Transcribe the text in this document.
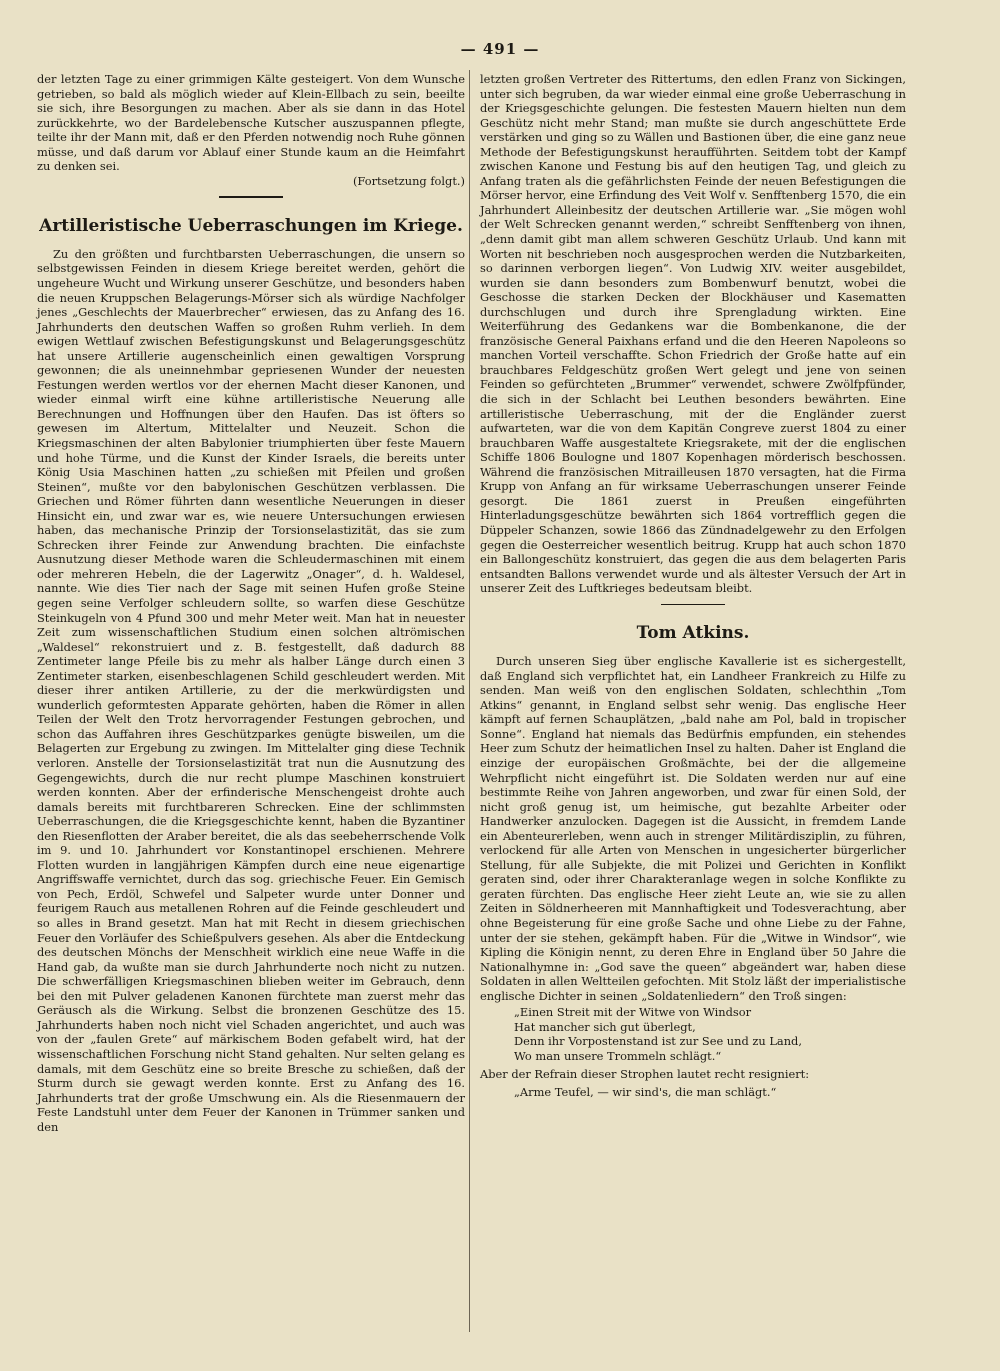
— 491 —

der letzten Tage zu einer grimmigen Kälte gesteigert. Von dem Wunsche getrieben, so bald als möglich wieder auf Klein-Ellbach zu sein, beeilte sie sich, ihre Besorgungen zu machen. Aber als sie dann in das Hotel zurückkehrte, wo der Bardelebensche Kutscher auszuspannen pflegte, teilte ihr der Mann mit, daß er den Pferden notwendig noch Ruhe gönnen müsse, und daß darum vor Ablauf einer Stunde kaum an die Heimfahrt zu denken sei.

(Fortsetzung folgt.)

Artilleristische Ueberraschungen im Kriege.

Zu den größten und furchtbarsten Ueberraschungen, die unsern so selbstgewissen Feinden in diesem Kriege bereitet werden, gehört die ungeheure Wucht und Wirkung unserer Geschütze, und besonders haben die neuen Kruppschen Belagerungs-Mörser sich als würdige Nachfolger jenes „Geschlechts der Mauerbrecher“ erwiesen, das zu Anfang des 16. Jahrhunderts den deutschen Waffen so großen Ruhm verlieh. In dem ewigen Wettlauf zwischen Befestigungskunst und Belagerungsgeschütz hat unsere Artillerie augenscheinlich einen gewaltigen Vorsprung gewonnen; die als uneinnehmbar gepriesenen Wunder der neuesten Festungen werden wertlos vor der ehernen Macht dieser Kanonen, und wieder einmal wirft eine kühne artilleristische Neuerung alle Berechnungen und Hoffnungen über den Haufen. Das ist öfters so gewesen im Altertum, Mittelalter und Neuzeit. Schon die Kriegsmaschinen der alten Babylonier triumphierten über feste Mauern und hohe Türme, und die Kunst der Kinder Israels, die bereits unter König Usia Maschinen hatten „zu schießen mit Pfeilen und großen Steinen“, mußte vor den babylonischen Geschützen verblassen. Die Griechen und Römer führten dann wesentliche Neuerungen in dieser Hinsicht ein, und zwar war es, wie neuere Untersuchungen erwiesen haben, das mechanische Prinzip der Torsionselastizität, das sie zum Schrecken ihrer Feinde zur Anwendung brachten. Die einfachste Ausnutzung dieser Methode waren die Schleudermaschinen mit einem oder mehreren Hebeln, die der Lagerwitz „Onager“, d. h. Waldesel, nannte. Wie dies Tier nach der Sage mit seinen Hufen große Steine gegen seine Verfolger schleudern sollte, so warfen diese Geschütze Steinkugeln von 4 Pfund 300 und mehr Meter weit. Man hat in neuester Zeit zum wissenschaftlichen Studium einen solchen altrömischen „Waldesel“ rekonstruiert und z. B. festgestellt, daß dadurch 88 Zentimeter lange Pfeile bis zu mehr als halber Länge durch einen 3 Zentimeter starken, eisenbeschlagenen Schild geschleudert werden. Mit dieser ihrer antiken Artillerie, zu der die merkwürdigsten und wunderlich geformtesten Apparate gehörten, haben die Römer in allen Teilen der Welt den Trotz hervorragender Festungen gebrochen, und schon das Auffahren ihres Geschützparkes genügte bisweilen, um die Belagerten zur Ergebung zu zwingen. Im Mittelalter ging diese Technik verloren. Anstelle der Torsionselastizität trat nun die Ausnutzung des Gegengewichts, durch die nur recht plumpe Maschinen konstruiert werden konnten. Aber der erfinderische Menschengeist drohte auch damals bereits mit furchtbareren Schrecken. Eine der schlimmsten Ueberraschungen, die die Kriegsgeschichte kennt, haben die Byzantiner den Riesenflotten der Araber bereitet, die als das seebeherrschende Volk im 9. und 10. Jahrhundert vor Konstantinopel erschienen. Mehrere Flotten wurden in langjährigen Kämpfen durch eine neue eigenartige Angriffswaffe vernichtet, durch das sog. griechische Feuer. Ein Gemisch von Pech, Erdöl, Schwefel und Salpeter wurde unter Donner und feurigem Rauch aus metallenen Rohren auf die Feinde geschleudert und so alles in Brand gesetzt. Man hat mit Recht in diesem griechischen Feuer den Vorläufer des Schießpulvers gesehen. Als aber die Entdeckung des deutschen Mönchs der Menschheit wirklich eine neue Waffe in die Hand gab, da wußte man sie durch Jahrhunderte noch nicht zu nutzen. Die schwerfälligen Kriegsmaschinen blieben weiter im Gebrauch, denn bei den mit Pulver geladenen Kanonen fürchtete man zuerst mehr das Geräusch als die Wirkung. Selbst die bronzenen Geschütze des 15. Jahrhunderts haben noch nicht viel Schaden angerichtet, und auch was von der „faulen Grete“ auf märkischem Boden gefabelt wird, hat der wissenschaftlichen Forschung nicht Stand gehalten. Nur selten gelang es damals, mit dem Geschütz eine so breite Bresche zu schießen, daß der Sturm durch sie gewagt werden konnte. Erst zu Anfang des 16. Jahrhunderts trat der große Umschwung ein. Als die Riesenmauern der Feste Landstuhl unter dem Feuer der Kanonen in Trümmer sanken und den

letzten großen Vertreter des Rittertums, den edlen Franz von Sickingen, unter sich begruben, da war wieder einmal eine große Ueberraschung in der Kriegsgeschichte gelungen. Die festesten Mauern hielten nun dem Geschütz nicht mehr Stand; man mußte sie durch angeschüttete Erde verstärken und ging so zu Wällen und Bastionen über, die eine ganz neue Methode der Befestigungskunst heraufführten. Seitdem tobt der Kampf zwischen Kanone und Festung bis auf den heutigen Tag, und gleich zu Anfang traten als die gefährlichsten Feinde der neuen Befestigungen die Mörser hervor, eine Erfindung des Veit Wolf v. Senfftenberg 1570, die ein Jahrhundert Alleinbesitz der deutschen Artillerie war. „Sie mögen wohl der Welt Schrecken genannt werden,“ schreibt Senfftenberg von ihnen, „denn damit gibt man allem schweren Geschütz Urlaub. Und kann mit Worten nit beschrieben noch ausgesprochen werden die Nutzbarkeiten, so darinnen verborgen liegen“. Von Ludwig XIV. weiter ausgebildet, wurden sie dann besonders zum Bombenwurf benutzt, wobei die Geschosse die starken Decken der Blockhäuser und Kasematten durchschlugen und durch ihre Sprengladung wirkten. Eine Weiterführung des Gedankens war die Bombenkanone, die der französische General Paixhans erfand und die den Heeren Napoleons so manchen Vorteil verschaffte. Schon Friedrich der Große hatte auf ein brauchbares Feldgeschütz großen Wert gelegt und jene von seinen Feinden so gefürchteten „Brummer“ verwendet, schwere Zwölfpfünder, die sich in der Schlacht bei Leuthen besonders bewährten. Eine artilleristische Ueberraschung, mit der die Engländer zuerst aufwarteten, war die von dem Kapitän Congreve zuerst 1804 zu einer brauchbaren Waffe ausgestaltete Kriegsrakete, mit der die englischen Schiffe 1806 Boulogne und 1807 Kopenhagen mörderisch beschossen. Während die französischen Mitrailleusen 1870 versagten, hat die Firma Krupp von Anfang an für wirksame Ueberraschungen unserer Feinde gesorgt. Die 1861 zuerst in Preußen eingeführten Hinterladungsgeschütze bewährten sich 1864 vortrefflich gegen die Düppeler Schanzen, sowie 1866 das Zündnadelgewehr zu den Erfolgen gegen die Oesterreicher wesentlich beitrug. Krupp hat auch schon 1870 ein Ballongeschütz konstruiert, das gegen die aus dem belagerten Paris entsandten Ballons verwendet wurde und als ältester Versuch der Art in unserer Zeit des Luftkrieges bedeutsam bleibt.

Tom Atkins.

Durch unseren Sieg über englische Kavallerie ist es sichergestellt, daß England sich verpflichtet hat, ein Landheer Frankreich zu Hilfe zu senden. Man weiß von den englischen Soldaten, schlechthin „Tom Atkins“ genannt, in England selbst sehr wenig. Das englische Heer kämpft auf fernen Schauplätzen, „bald nahe am Pol, bald in tropischer Sonne“. England hat niemals das Bedürfnis empfunden, ein stehendes Heer zum Schutz der heimatlichen Insel zu halten. Daher ist England die einzige der europäischen Großmächte, bei der die allgemeine Wehrpflicht nicht eingeführt ist. Die Soldaten werden nur auf eine bestimmte Reihe von Jahren angeworben, und zwar für einen Sold, der nicht groß genug ist, um heimische, gut bezahlte Arbeiter oder Handwerker anzulocken. Dagegen ist die Aussicht, in fremdem Lande ein Abenteurerleben, wenn auch in strenger Militärdisziplin, zu führen, verlockend für alle Arten von Menschen in ungesicherter bürgerlicher Stellung, für alle Subjekte, die mit Polizei und Gerichten in Konflikt geraten sind, oder ihrer Charakteranlage wegen in solche Konflikte zu geraten fürchten. Das englische Heer zieht Leute an, wie sie zu allen Zeiten in Söldnerheeren mit Mannhaftigkeit und Todesverachtung, aber ohne Begeisterung für eine große Sache und ohne Liebe zu der Fahne, unter der sie stehen, gekämpft haben. Für die „Witwe in Windsor“, wie Kipling die Königin nennt, zu deren Ehre in England über 50 Jahre die Nationalhymne in: „God save the queen“ abgeändert war, haben diese Soldaten in allen Weltteilen gefochten. Mit Stolz läßt der imperialistische englische Dichter in seinen „Soldatenliedern“ den Troß singen:

„Einen Streit mit der Witwe von Windsor
Hat mancher sich gut überlegt,
Denn ihr Vorpostenstand ist zur See und zu Land,
Wo man unsere Trommeln schlägt.“

Aber der Refrain dieser Strophen lautet recht resigniert:

„Arme Teufel, — wir sind's, die man schlägt.“
